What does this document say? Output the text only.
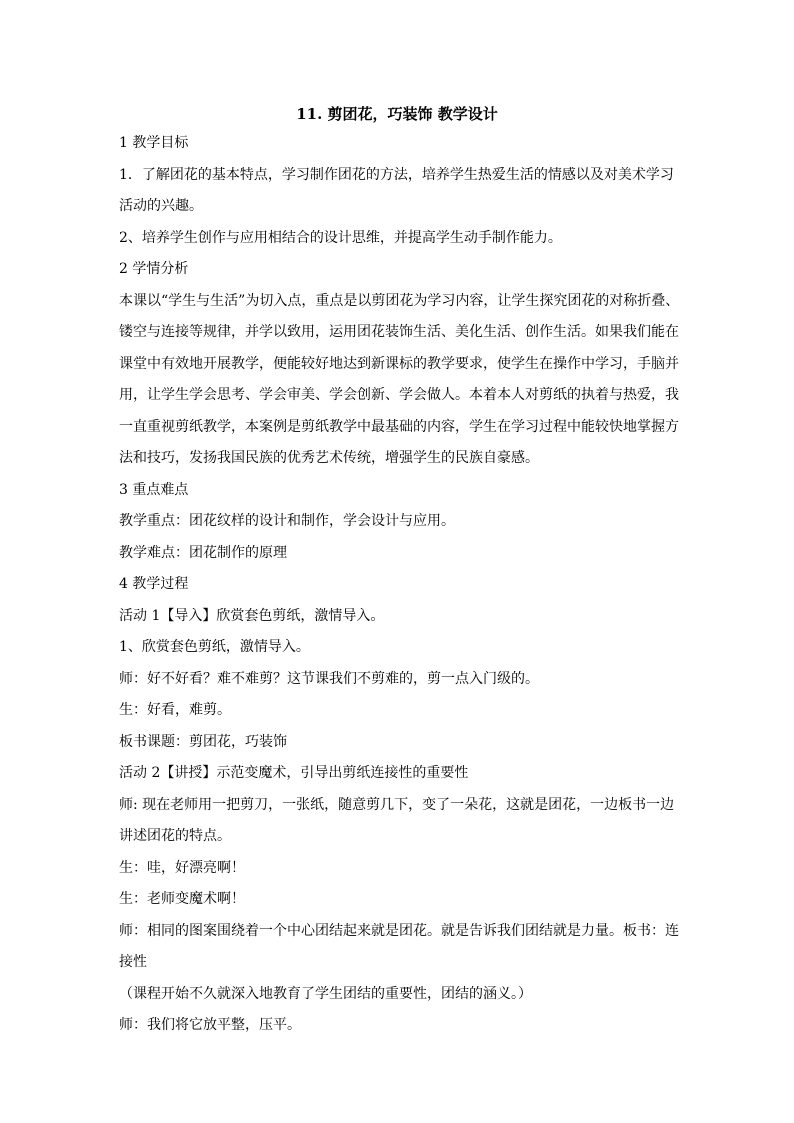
11. 剪团花，巧装饰 教学设计
1 教学目标
1．了解团花的基本特点，学习制作团花的方法，培养学生热爱生活的情感以及对美术学习
活动的兴趣。
2、培养学生创作与应用相结合的设计思维，并提高学生动手制作能力。
2 学情分析
本课以“学生与生活”为切入点，重点是以剪团花为学习内容，让学生探究团花的对称折叠、
镂空与连接等规律，并学以致用，运用团花装饰生活、美化生活、创作生活。如果我们能在
课堂中有效地开展教学，便能较好地达到新课标的教学要求，使学生在操作中学习，手脑并
用，让学生学会思考、学会审美、学会创新、学会做人。本着本人对剪纸的执着与热爱，我
一直重视剪纸教学，本案例是剪纸教学中最基础的内容，学生在学习过程中能较快地掌握方
法和技巧，发扬我国民族的优秀艺术传统，增强学生的民族自豪感。
3 重点难点
教学重点：团花纹样的设计和制作，学会设计与应用。
教学难点：团花制作的原理
4 教学过程
活动 1【导入】欣赏套色剪纸，激情导入。
1、欣赏套色剪纸，激情导入。
师：好不好看？难不难剪？这节课我们不剪难的，剪一点入门级的。
生：好看，难剪。
板书课题：剪团花，巧装饰
活动 2【讲授】示范变魔术，引导出剪纸连接性的重要性
师: 现在老师用一把剪刀，一张纸，随意剪几下，变了一朵花，这就是团花，一边板书一边
讲述团花的特点。
生：哇，好漂亮啊！
生：老师变魔术啊！
师：相同的图案围绕着一个中心团结起来就是团花。就是告诉我们团结就是力量。板书：连
接性
（课程开始不久就深入地教育了学生团结的重要性，团结的涵义。）
师：我们将它放平整，压平。
